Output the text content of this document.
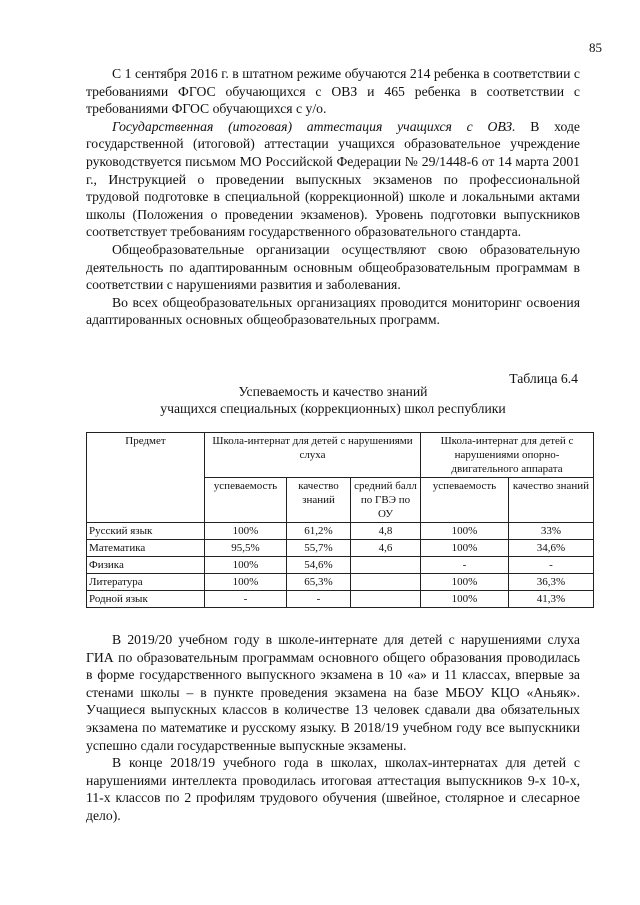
85

С 1 сентября 2016 г. в штатном режиме обучаются 214 ребенка в соответствии с требованиями ФГОС обучающихся с ОВЗ и 465 ребенка в соответствии с требованиями ФГОС обучающихся с у/о.

Государственная (итоговая) аттестация учащихся с ОВЗ. В ходе государственной (итоговой) аттестации учащихся образовательное учреждение руководствуется письмом МО Российской Федерации № 29/1448-6 от 14 марта 2001 г., Инструкцией о проведении выпускных экзаменов по профессиональной трудовой подготовке в специальной (коррекционной) школе и локальными актами школы (Положения о проведении экзаменов). Уровень подготовки выпускников соответствует требованиям государственного образовательного стандарта.

Общеобразовательные организации осуществляют свою образовательную деятельность по адаптированным основным общеобразовательным программам в соответствии с нарушениями развития и заболевания.

Во всех общеобразовательных организациях проводится мониторинг освоения адаптированных основных общеобразовательных программ.

Таблица 6.4
Успеваемость и качество знаний
учащихся специальных (коррекционных) школ республики
Предмет	Школа-интернат для детей с нарушениями слуха			Школа-интернат для детей с нарушениями опорно-двигательного аппарата	
	успеваемость	качество знаний	средний балл по ГВЭ по ОУ	успеваемость	качество знаний
Русский язык	100%	61,2%	4,8	100%	33%
Математика	95,5%	55,7%	4,6	100%	34,6%
Физика	100%	54,6%		-	-
Литература	100%	65,3%		100%	36,3%
Родной язык	-	-		100%	41,3%

В 2019/20 учебном году в школе-интернате для детей с нарушениями слуха ГИА по образовательным программам основного общего образования проводилась в форме государственного выпускного экзамена в 10 «а» и 11 классах, впервые за стенами школы – в пункте проведения экзамена на базе МБОУ КЦО «Аньяк». Учащиеся выпускных классов в количестве 13 человек сдавали два обязательных экзамена по математике и русскому языку. В 2018/19 учебном году все выпускники успешно сдали государственные выпускные экзамены.

В конце 2018/19 учебного года в школах, школах-интернатах для детей с нарушениями интеллекта проводилась итоговая аттестация выпускников 9-х 10-х, 11-х классов по 2 профилям трудового обучения (швейное, столярное и слесарное дело).
